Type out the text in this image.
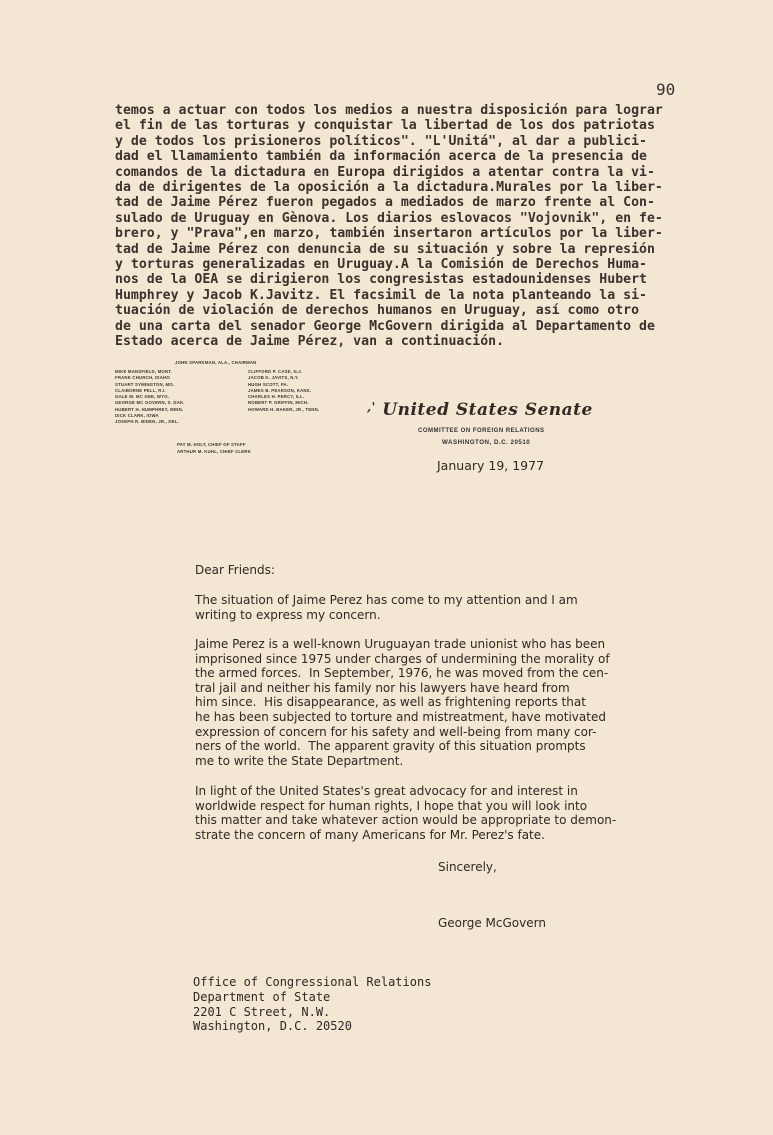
90
temos a actuar con todos los medios a nuestra disposición para lograr
el fin de las torturas y conquistar la libertad de los dos patriotas
y de todos los prisioneros políticos". "L'Unitá", al dar a publici-
dad el llamamiento también da información acerca de la presencia de
comandos de la dictadura en Europa dirigidos a atentar contra la vi-
da de dirigentes de la oposición a la dictadura.Murales por la liber-
tad de Jaime Pérez fueron pegados a mediados de marzo frente al Con-
sulado de Uruguay en Gènova. Los diarios eslovacos "Vojovnik", en fe-
brero, y "Prava",en marzo, también insertaron artículos por la liber-
tad de Jaime Pérez con denuncia de su situación y sobre la represión
y torturas generalizadas en Uruguay.A la Comisión de Derechos Huma-
nos de la OEA se dirigieron los congresistas estadounidenses Hubert
Humphrey y Jacob K.Javitz. El facsimil de la nota planteando la si-
tuación de violación de derechos humanos en Uruguay, así como otro
de una carta del senador George McGovern dirigida al Departamento de
Estado acerca de Jaime Pérez, van a continuación.
JOHN SPARKMAN, ALA., CHAIRMAN
MIKE MANSFIELD, MONT.
FRANK CHURCH, IDAHO
STUART SYMINGTON, MO.
CLAIBORNE PELL, R.I.
GALE W. MC GEE, WYO.
GEORGE MC GOVERN, S. DAK.
HUBERT H. HUMPHREY, MINN.
DICK CLARK, IOWA
JOSEPH R. BIDEN, JR., DEL.
CLIFFORD P. CASE, N.J.
JACOB K. JAVITS, N.Y.
HUGH SCOTT, PA.
JAMES B. PEARSON, KANS.
CHARLES H. PERCY, ILL.
ROBERT P. GRIFFIN, MICH.
HOWARD H. BAKER, JR., TENN.
PAT M. HOLT, CHIEF OF STAFF
ARTHUR M. KUHL, CHIEF CLERK
,' United States Senate
COMMITTEE ON FOREIGN RELATIONS
WASHINGTON, D.C. 20510
January 19, 1977
Dear Friends:
The situation of Jaime Perez has come to my attention and I am
writing to express my concern.
Jaime Perez is a well-known Uruguayan trade unionist who has been
imprisoned since 1975 under charges of undermining the morality of
the armed forces.  In September, 1976, he was moved from the cen-
tral jail and neither his family nor his lawyers have heard from
him since.  His disappearance, as well as frightening reports that
he has been subjected to torture and mistreatment, have motivated
expression of concern for his safety and well-being from many cor-
ners of the world.  The apparent gravity of this situation prompts
me to write the State Department.
In light of the United States's great advocacy for and interest in
worldwide respect for human rights, I hope that you will look into
this matter and take whatever action would be appropriate to demon-
strate the concern of many Americans for Mr. Perez's fate.
Sincerely,
George McGovern
Office of Congressional Relations
Department of State
2201 C Street, N.W.
Washington, D.C. 20520
